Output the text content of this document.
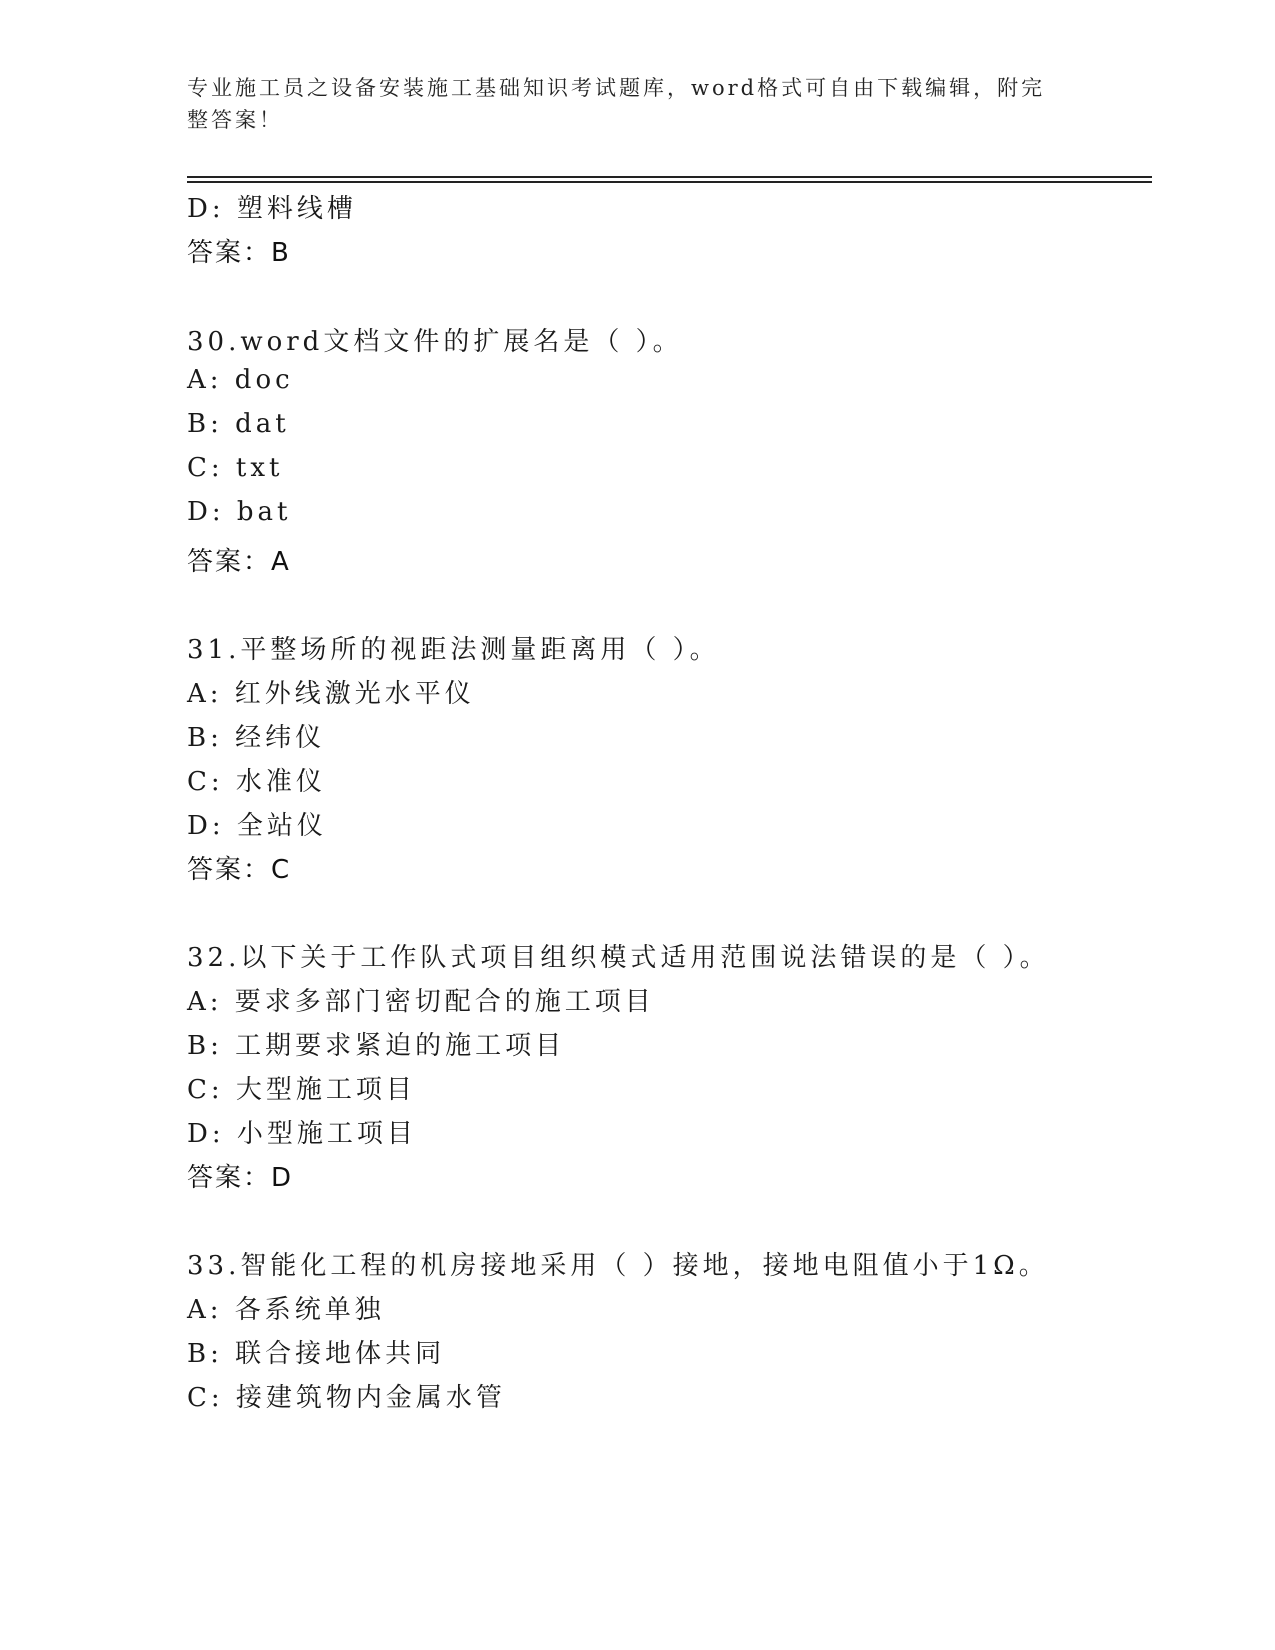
专业施工员之设备安装施工基础知识考试题库，word格式可自由下载编辑，附完整答案！
D: 塑料线槽
答案：B
30.word文档文件的扩展名是（ ）。
A: doc
B: dat
C: txt
D: bat
答案：A
31.平整场所的视距法测量距离用（ ）。
A: 红外线激光水平仪
B: 经纬仪
C: 水准仪
D: 全站仪
答案：C
32.以下关于工作队式项目组织模式适用范围说法错误的是（ ）。
A: 要求多部门密切配合的施工项目
B: 工期要求紧迫的施工项目
C: 大型施工项目
D: 小型施工项目
答案：D
33.智能化工程的机房接地采用（ ）接地，接地电阻值小于1Ω。
A: 各系统单独
B: 联合接地体共同
C: 接建筑物内金属水管
